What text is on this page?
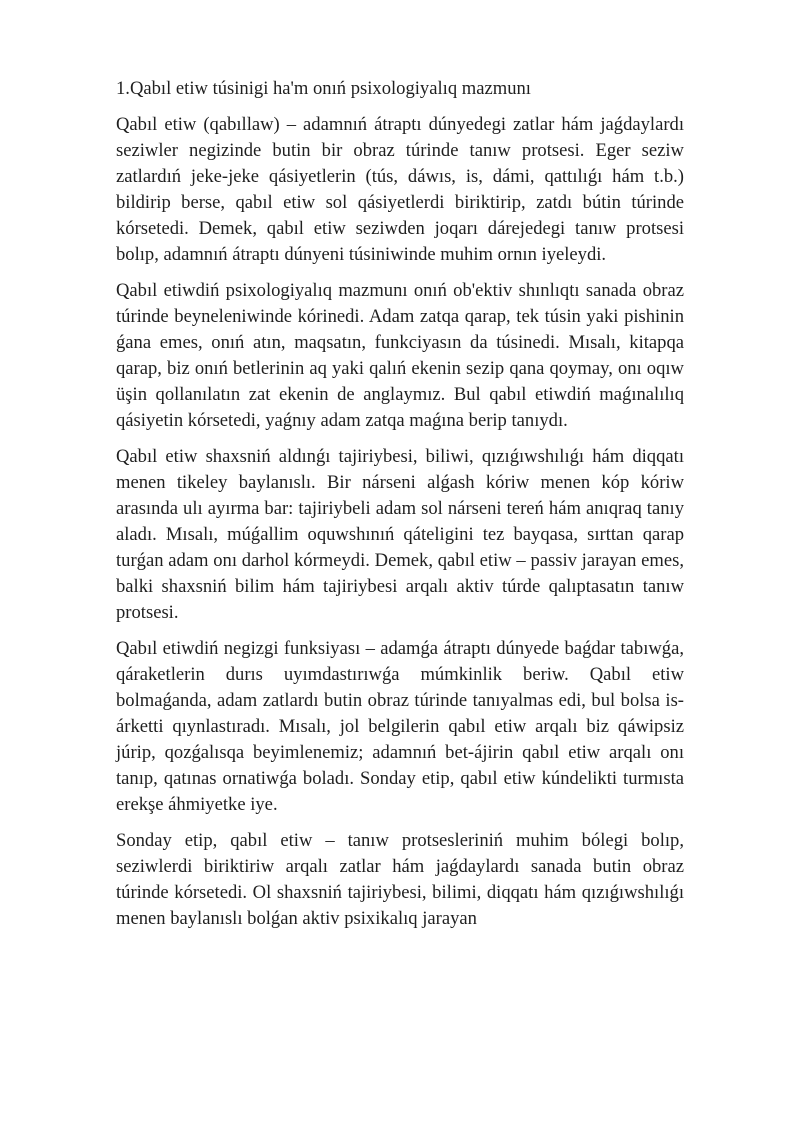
1.Qabıl etiw túsinigi ha'm onıń psixologiyalıq mazmunı

Qabıl etiw (qabıllaw) – adamnıń átraptı dúnyedegi zatlar hám jaǵdaylardı seziwler negizinde butin bir obraz túrinde tanıw protsesi. Eger seziw zatlardıń jeke-jeke qásiyetlerin (tús, dáwıs, is, dámi, qattılıǵı hám t.b.) bildirip berse, qabıl etiw sol qásiyetlerdi biriktirip, zatdı bútin túrinde kórsetedi. Demek, qabıl etiw seziwden joqarı dárejedegi tanıw protsesi bolıp, adamnıń átraptı dúnyeni túsiniwinde muhim ornın iyeleydi.

Qabıl etiwdiń psixologiyalıq mazmunı onıń ob'ektiv shınlıqtı sanada obraz túrinde beyneleniwinde kórinedi. Adam zatqa qarap, tek túsin yaki pishinin ǵana emes, onıń atın, maqsatın, funkciyasın da túsinedi. Mısalı, kitapqa qarap, biz onıń betlerinin aq yaki qalıń ekenin sezip qana qoymay, onı oqıw üşin qollanılatın zat ekenin de anglaymız. Bul qabıl etiwdiń maǵınalılıq qásiyetin kórsetedi, yaǵnıy adam zatqa maǵına berip tanıydı.

Qabıl etiw shaxsniń aldınǵı tajiriybesi, biliwi, qızıǵıwshılıǵı hám diqqatı menen tikeley baylanıslı. Bir nárseni alǵash kóriw menen kóp kóriw arasında ulı ayırma bar: tajiriybeli adam sol nárseni tereń hám anıqraq tanıy aladı. Mısalı, múǵallim oquwshınıń qáteligini tez bayqasa, sırttan qarap turǵan adam onı darhol kórmeydi. Demek, qabıl etiw – passiv jarayan emes, balki shaxsniń bilim hám tajiriybesi arqalı aktiv túrde qalıptasatın tanıw protsesi.

Qabıl etiwdiń negizgi funksiyası – adamǵa átraptı dúnyede baǵdar tabıwǵa, qáraketlerin durıs uyımdastırıwǵa múmkinlik beriw. Qabıl etiw bolmaǵanda, adam zatlardı butin obraz túrinde tanıyalmas edi, bul bolsa is-árketti qıynlastıradı. Mısalı, jol belgilerin qabıl etiw arqalı biz qáwipsiz júrip, qozǵalısqa beyimlenemiz; adamnıń bet-ájirin qabıl etiw arqalı onı tanıp, qatınas ornatiwǵa boladı. Sonday etip, qabıl etiw kúndelikti turmısta erekşe áhmiyetke iye.

Sonday etip, qabıl etiw – tanıw protsesleriniń muhim bólegi bolıp, seziwlerdi biriktiriw arqalı zatlar hám jaǵdaylardı sanada butin obraz túrinde kórsetedi. Ol shaxsniń tajiriybesi, bilimi, diqqatı hám qızıǵıwshılıǵı menen baylanıslı bolǵan aktiv psixikalıq jarayan
